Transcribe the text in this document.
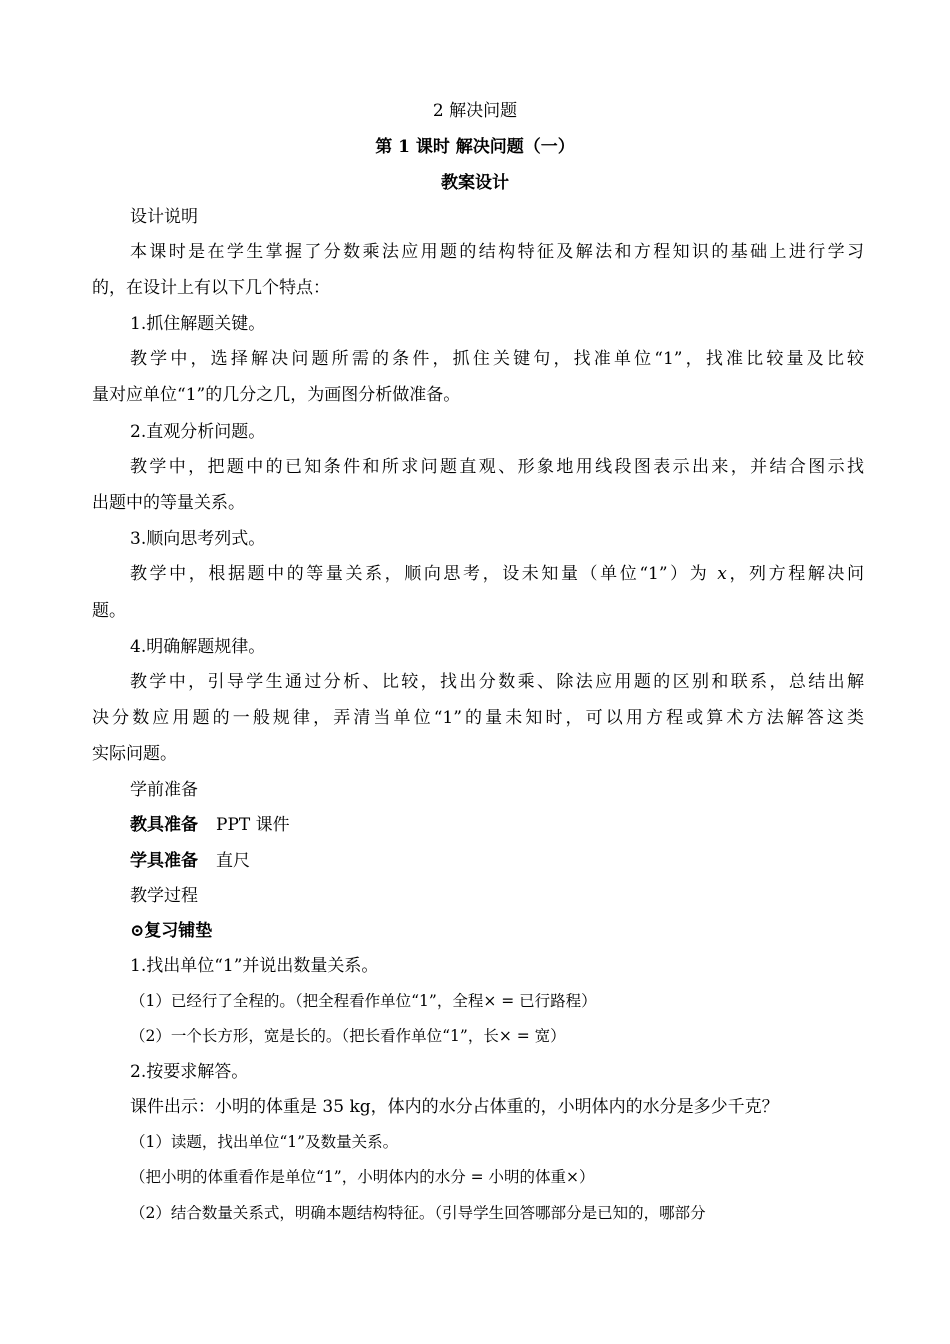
2 解决问题
第 1 课时 解决问题（一）
教案设计
设计说明
本课时是在学生掌握了分数乘法应用题的结构特征及解法和方程知识的基础上进行学习
的，在设计上有以下几个特点：
1.抓住解题关键。
教学中，选择解决问题所需的条件，抓住关键句，找准单位“1”，找准比较量及比较
量对应单位“1”的几分之几，为画图分析做准备。
2.直观分析问题。
教学中，把题中的已知条件和所求问题直观、形象地用线段图表示出来，并结合图示找
出题中的等量关系。
3.顺向思考列式。
教学中，根据题中的等量关系，顺向思考，设未知量（单位“1”）为 x，列方程解决问
题。
4.明确解题规律。
教学中，引导学生通过分析、比较，找出分数乘、除法应用题的区别和联系，总结出解
决分数应用题的一般规律，弄清当单位“1”的量未知时，可以用方程或算术方法解答这类
实际问题。
学前准备
教具准备 PPT 课件
学具准备 直尺
教学过程
⊙复习铺垫
1.找出单位“1”并说出数量关系。
（1）已经行了全程的。（把全程看作单位“1”，全程× = 已行路程）
（2）一个长方形，宽是长的。（把长看作单位“1”，长× = 宽）
2.按要求解答。
课件出示：小明的体重是 35 kg，体内的水分占体重的，小明体内的水分是多少千克？
（1）读题，找出单位“1”及数量关系。
（把小明的体重看作是单位“1”，小明体内的水分 = 小明的体重×）
（2）结合数量关系式，明确本题结构特征。（引导学生回答哪部分是已知的，哪部分
